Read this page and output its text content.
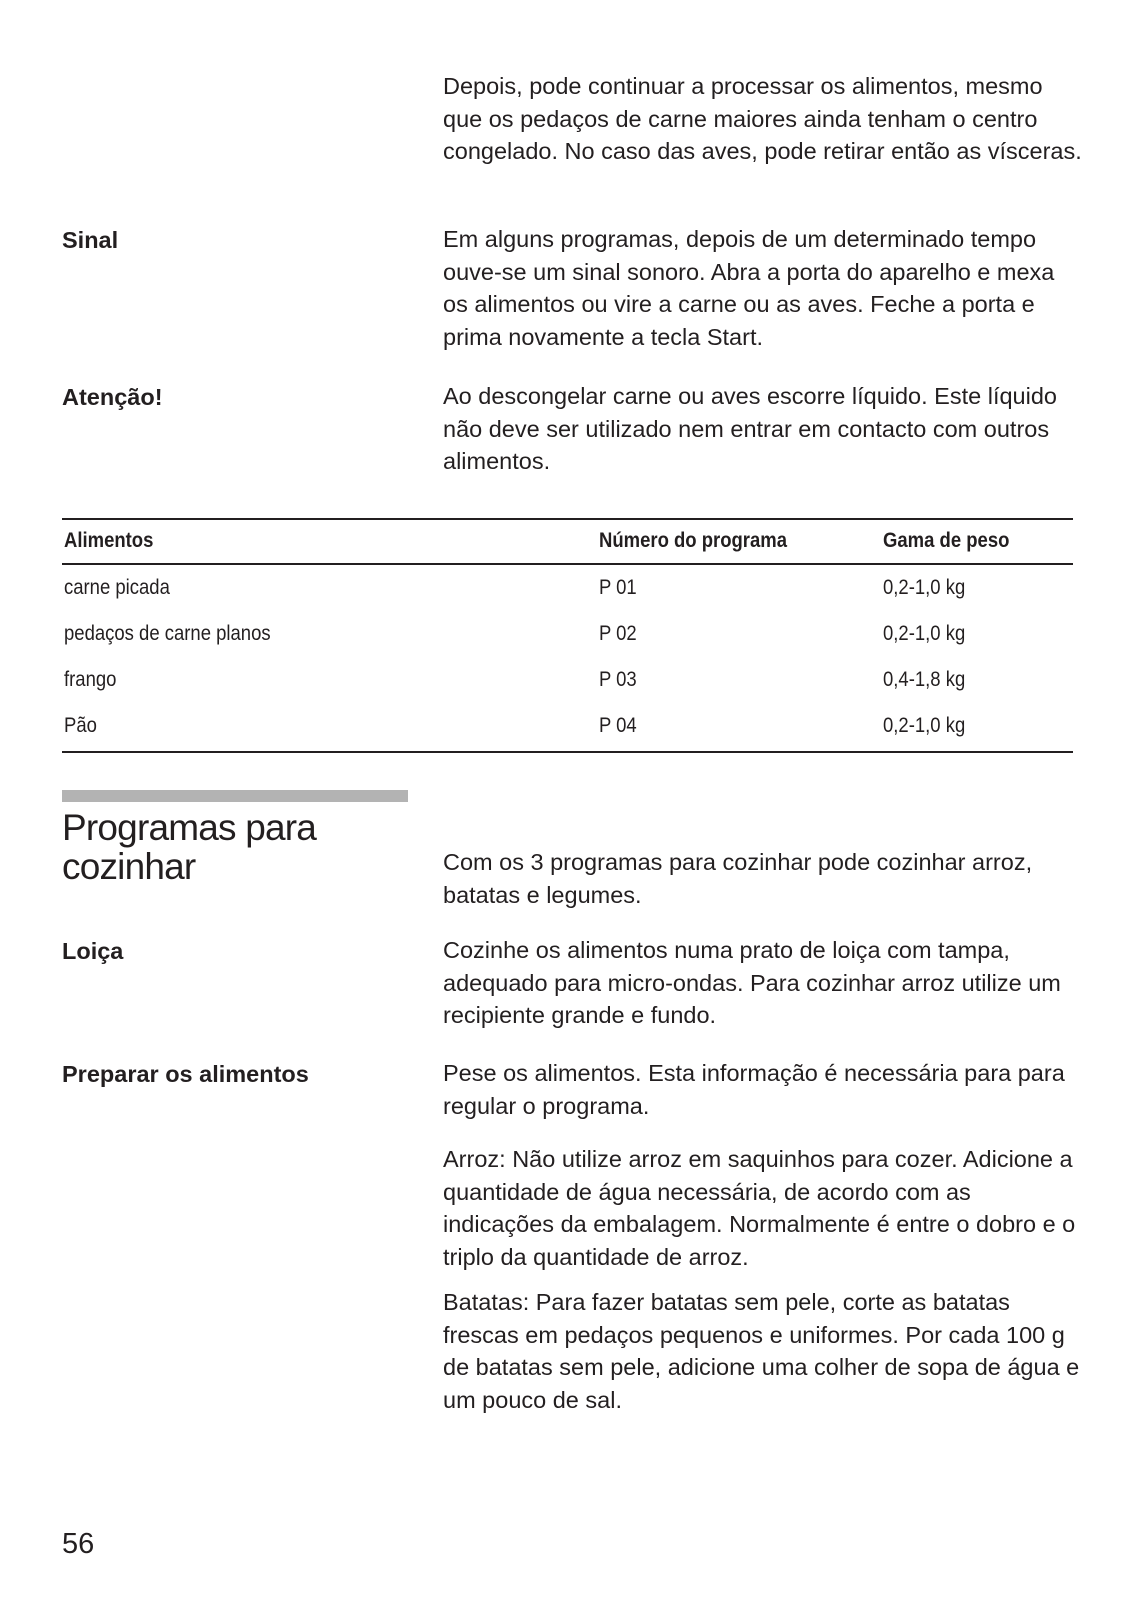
Depois, pode continuar a processar os alimentos, mesmo que os pedaços de carne maiores ainda tenham o centro congelado. No caso das aves, pode retirar então as vísceras.

Sinal	Em alguns programas, depois de um determinado tempo ouve-se um sinal sonoro. Abra a porta do aparelho e mexa os alimentos ou vire a carne ou as aves. Feche a porta e prima novamente a tecla Start.

Atenção!	Ao descongelar carne ou aves escorre líquido. Este líquido não deve ser utilizado nem entrar em contacto com outros alimentos.

Alimentos	Número do programa	Gama de peso
carne picada	P 01	0,2-1,0 kg
pedaços de carne planos	P 02	0,2-1,0 kg
frango	P 03	0,4-1,8 kg
Pão	P 04	0,2-1,0 kg
Programas para
cozinhar	Com os 3 programas para cozinhar pode cozinhar arroz, batatas e legumes.

Loiça	Cozinhe os alimentos numa prato de loiça com tampa, adequado para micro-ondas. Para cozinhar arroz utilize um recipiente grande e fundo.

Preparar os alimentos	Pese os alimentos. Esta informação é necessária para para regular o programa.

Arroz: Não utilize arroz em saquinhos para cozer. Adicione a quantidade de água necessária, de acordo com as indicações da embalagem. Normalmente é entre o dobro e o triplo da quantidade de arroz.

Batatas: Para fazer batatas sem pele, corte as batatas frescas em pedaços pequenos e uniformes. Por cada 100 g de batatas sem pele, adicione uma colher de sopa de água e um pouco de sal.

56
